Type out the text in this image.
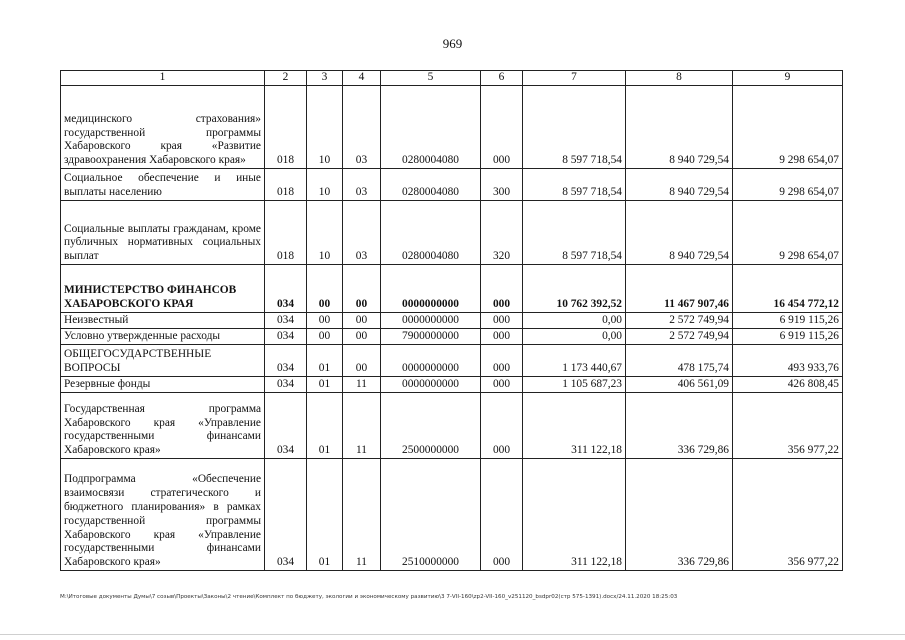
969
1	2	3	4	5	6	7	8	9
медицинского страхования» государственной программы Хабаровского края «Развитие здравоохранения Хабаровского края»	018	10	03	0280004080	000	8 597 718,54	8 940 729,54	9 298 654,07
Социальное обеспечение и иные выплаты населению	018	10	03	0280004080	300	8 597 718,54	8 940 729,54	9 298 654,07
Социальные выплаты гражданам, кроме публичных нормативных социальных выплат	018	10	03	0280004080	320	8 597 718,54	8 940 729,54	9 298 654,07
МИНИСТЕРСТВО ФИНАНСОВ ХАБАРОВСКОГО КРАЯ	034	00	00	0000000000	000	10 762 392,52	11 467 907,46	16 454 772,12
Неизвестный	034	00	00	0000000000	000	0,00	2 572 749,94	6 919 115,26
Условно утвержденные расходы	034	00	00	7900000000	000	0,00	2 572 749,94	6 919 115,26
ОБЩЕГОСУДАРСТВЕННЫЕ ВОПРОСЫ	034	01	00	0000000000	000	1 173 440,67	478 175,74	493 933,76
Резервные фонды	034	01	11	0000000000	000	1 105 687,23	406 561,09	426 808,45
Государственная программа Хабаровского края «Управление государственными финансами Хабаровского края»	034	01	11	2500000000	000	311 122,18	336 729,86	356 977,22
Подпрограмма «Обеспечение взаимосвязи стратегического и бюджетного планирования» в рамках государственной программы Хабаровского края «Управление государственными финансами Хабаровского края»	034	01	11	2510000000	000	311 122,18	336 729,86	356 977,22
M:\Итоговые документы Думы\7 созыв\Проекты\Законы\2 чтение\Комплект по бюджету, экологии и экономическому развитию\3 7-VII-160\zp2-VII-160_v251120_bsdpr02(стр 575-1391).docx/24.11.2020 18:25:03
